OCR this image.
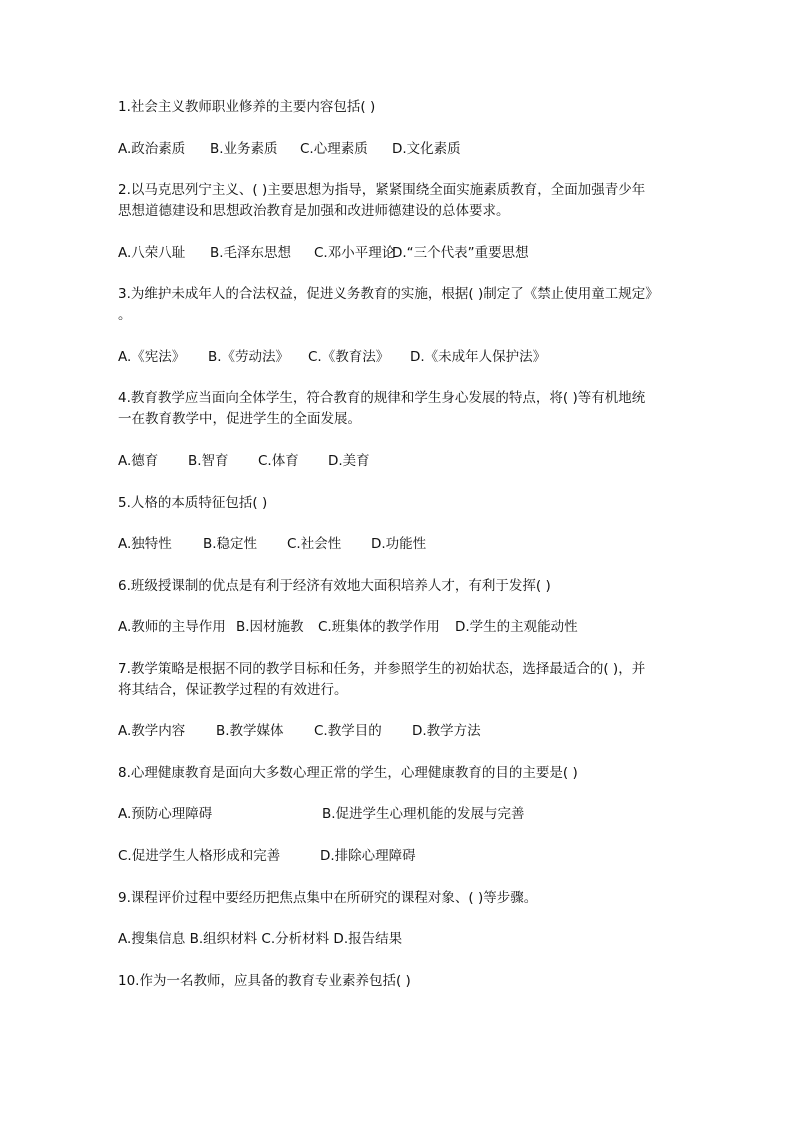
1.社会主义教师职业修养的主要内容包括( )
A.政治素质 B.业务素质 C.心理素质 D.文化素质
2.以马克思列宁主义、( )主要思想为指导，紧紧围绕全面实施素质教育，全面加强青少年
思想道德建设和思想政治教育是加强和改进师德建设的总体要求。
A.八荣八耻 B.毛泽东思想 C.邓小平理论
D.“三个代表”重要思想
3.为维护未成年人的合法权益，促进义务教育的实施，根据( )制定了《禁止使用童工规定》
。
A.《宪法》 B.《劳动法》 C.《教育法》 D.《未成年人保护法》
4.教育教学应当面向全体学生，符合教育的规律和学生身心发展的特点，将( )等有机地统
一在教育教学中，促进学生的全面发展。
A.德育 B.智育 C.体育 D.美育
5.人格的本质特征包括( )
A.独特性 B.稳定性 C.社会性 D.功能性
6.班级授课制的优点是有利于经济有效地大面积培养人才，有利于发挥( )
A.教师的主导作用 B.因材施教 C.班集体的教学作用 D.学生的主观能动性
7.教学策略是根据不同的教学目标和任务，并参照学生的初始状态，选择最适合的( )，并
将其结合，保证教学过程的有效进行。
A.教学内容 B.教学媒体 C.教学目的 D.教学方法
8.心理健康教育是面向大多数心理正常的学生，心理健康教育的目的主要是( )
A.预防心理障碍	B.促进学生心理机能的发展与完善
C.促进学生人格形成和完善	D.排除心理障碍
9.课程评价过程中要经历把焦点集中在所研究的课程对象、( )等步骤。
A.搜集信息 B.组织材料 C.分析材料 D.报告结果
10.作为一名教师，应具备的教育专业素养包括( )
